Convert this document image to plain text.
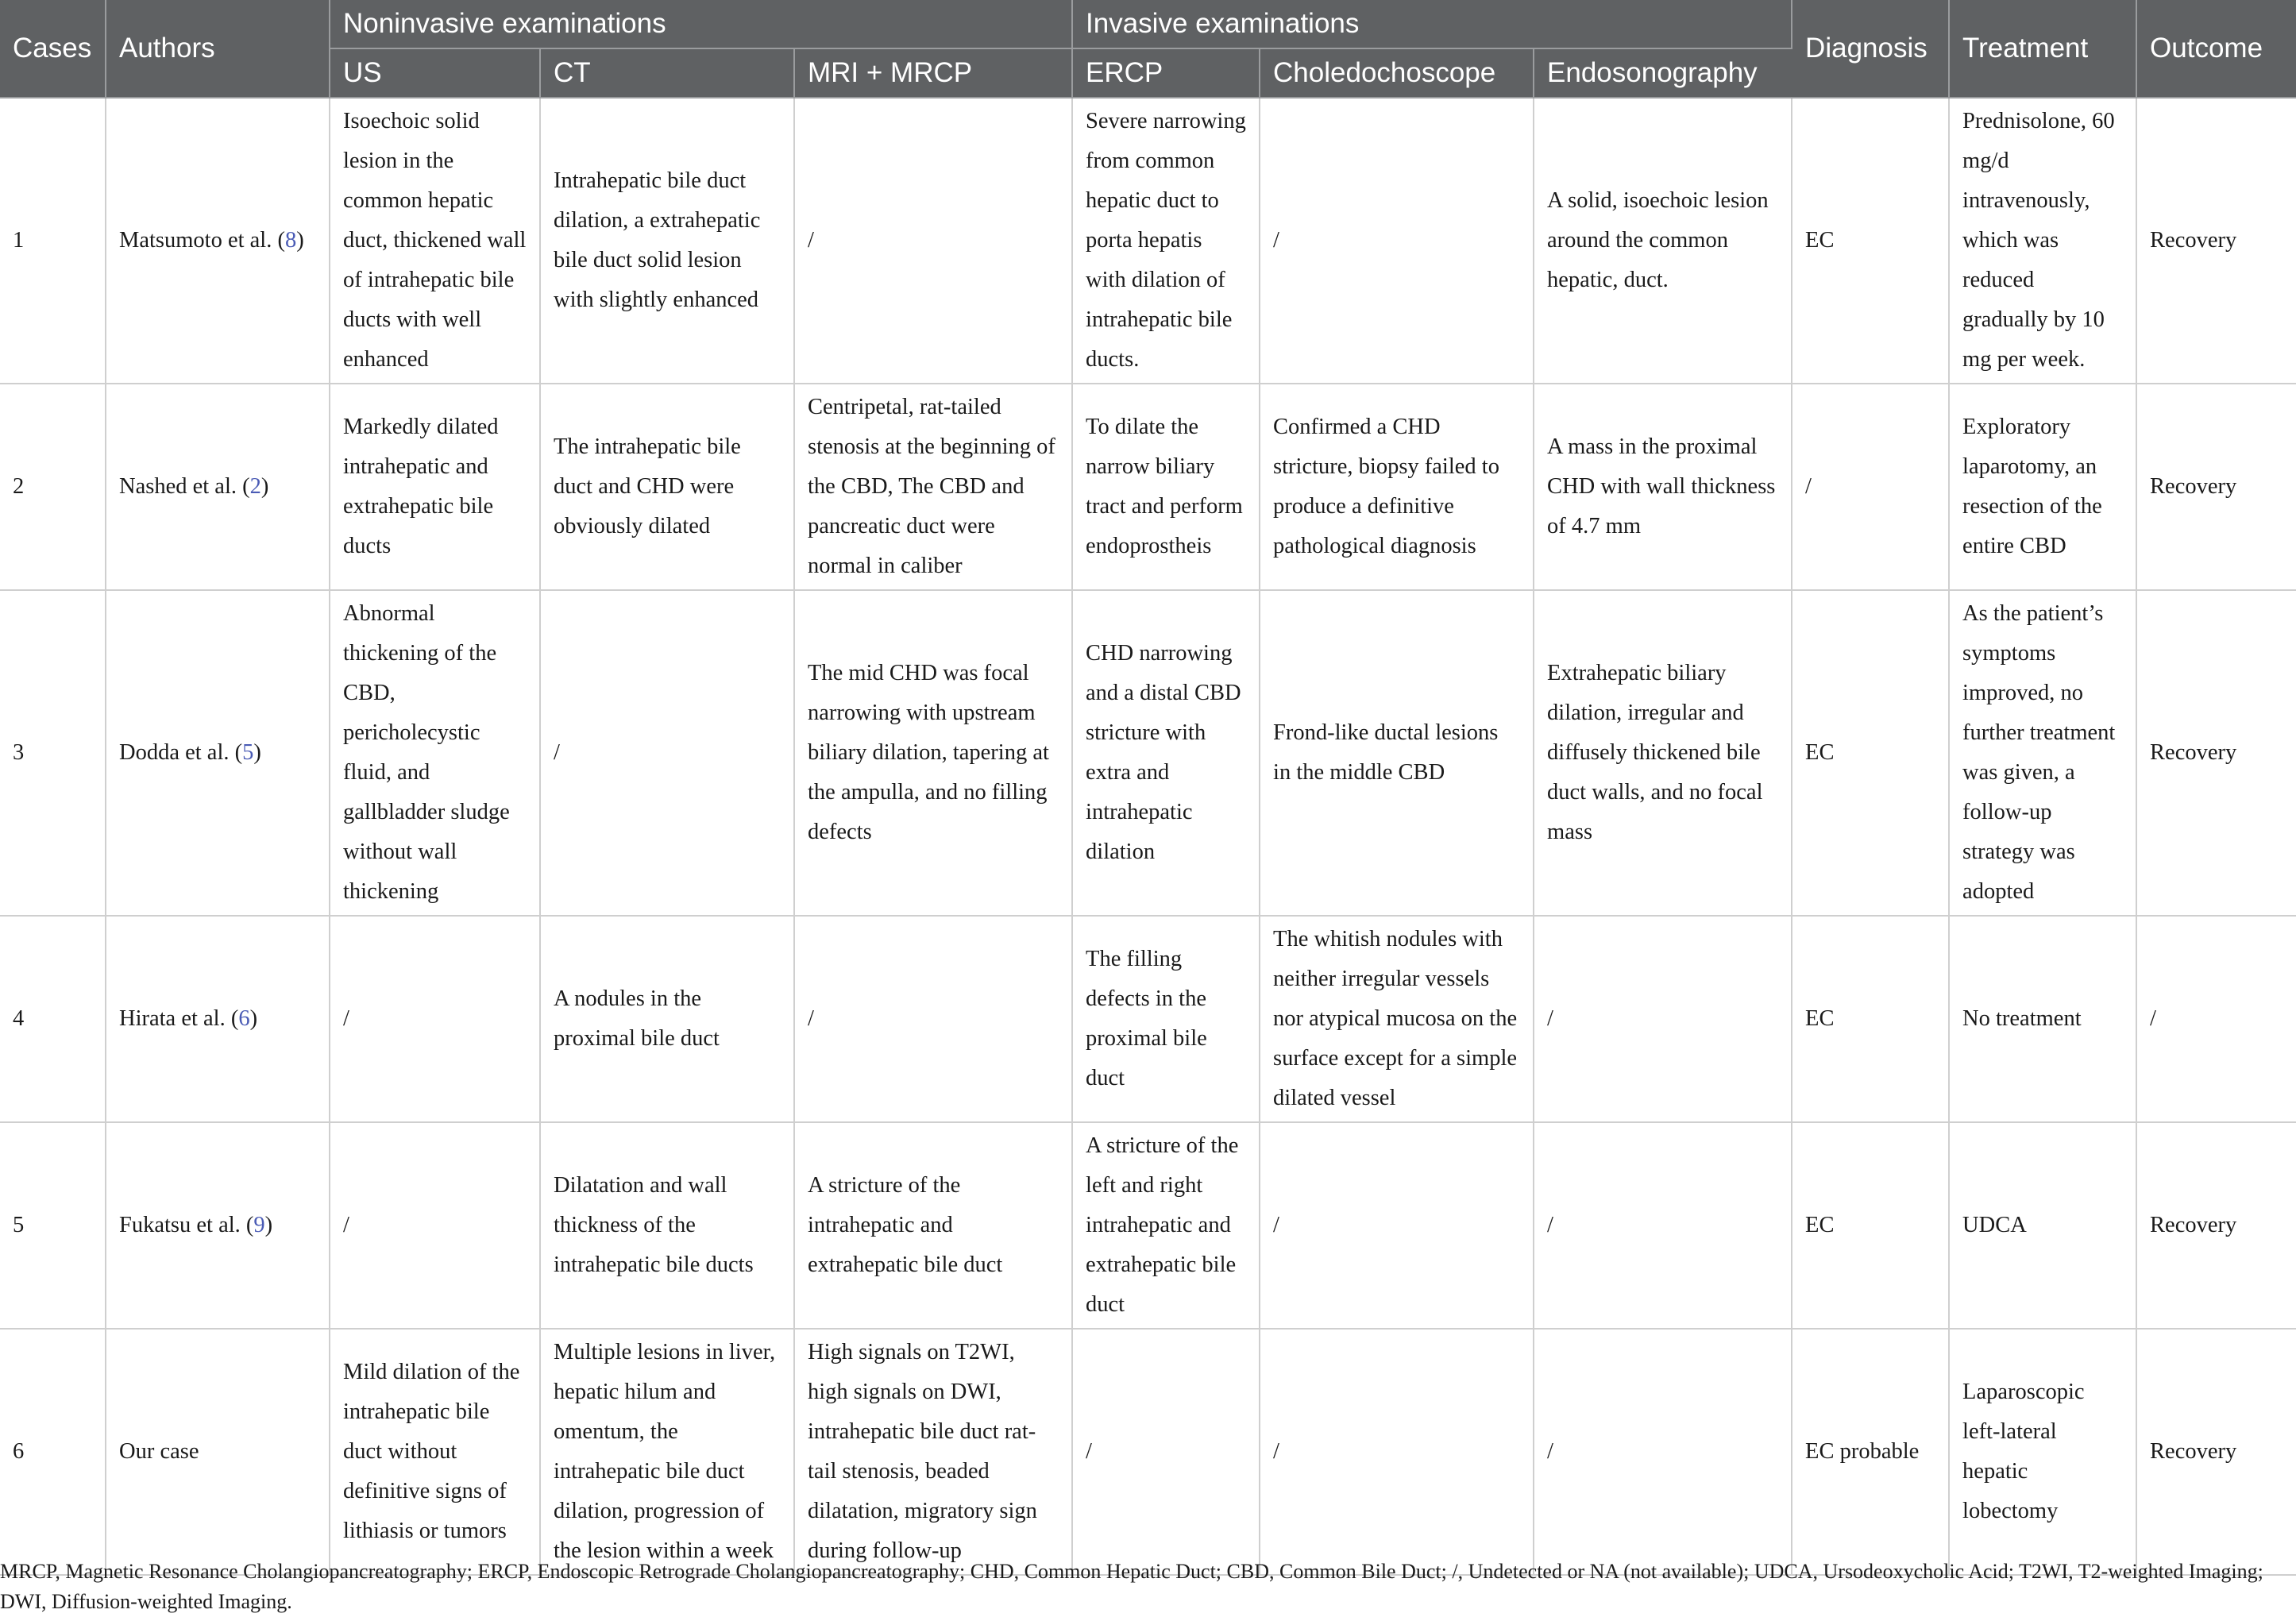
Cases	Authors	Noninvasive examinations			Invasive examinations			Diagnosis	Treatment	Outcome
		US	CT	MRI + MRCP	ERCP	Choledochoscope	Endosonography			
1	Matsumoto et al. (8)	Isoechoic solid lesion in the common hepatic duct, thickened wall of intrahepatic bile ducts with well enhanced	Intrahepatic bile duct dilation, a extrahepatic bile duct solid lesion with slightly enhanced	/	Severe narrowing from common hepatic duct to porta hepatis with dilation of intrahepatic bile ducts.	/	A solid, isoechoic lesion around the common hepatic, duct.	EC	Prednisolone, 60 mg/d intravenously, which was reduced gradually by 10 mg per week.	Recovery
2	Nashed et al. (2)	Markedly dilated intrahepatic and extrahepatic bile ducts	The intrahepatic bile duct and CHD were obviously dilated	Centripetal, rat-tailed stenosis at the beginning of the CBD, The CBD and pancreatic duct were normal in caliber	To dilate the narrow biliary tract and perform endoprostheis	Confirmed a CHD stricture, biopsy failed to produce a definitive pathological diagnosis	A mass in the proximal CHD with wall thickness of 4.7 mm	/	Exploratory laparotomy, an resection of the entire CBD	Recovery
3	Dodda et al. (5)	Abnormal thickening of the CBD, pericholecystic fluid, and gallbladder sludge without wall thickening	/	The mid CHD was focal narrowing with upstream biliary dilation, tapering at the ampulla, and no filling defects	CHD narrowing and a distal CBD stricture with extra and intrahepatic dilation	Frond-like ductal lesions in the middle CBD	Extrahepatic biliary dilation, irregular and diffusely thickened bile duct walls, and no focal mass	EC	As the patient’s symptoms improved, no further treatment was given, a follow-up strategy was adopted	Recovery
4	Hirata et al. (6)	/	A nodules in the proximal bile duct	/	The filling defects in the proximal bile duct	The whitish nodules with neither irregular vessels nor atypical mucosa on the surface except for a simple dilated vessel	/	EC	No treatment	/
5	Fukatsu et al. (9)	/	Dilatation and wall thickness of the intrahepatic bile ducts	A stricture of the intrahepatic and extrahepatic bile duct	A stricture of the left and right intrahepatic and extrahepatic bile duct	/	/	EC	UDCA	Recovery
6	Our case	Mild dilation of the intrahepatic bile duct without definitive signs of lithiasis or tumors	Multiple lesions in liver, hepatic hilum and omentum, the intrahepatic bile duct dilation, progression of the lesion within a week	High signals on T2WI, high signals on DWI, intrahepatic bile duct rat-tail stenosis, beaded dilatation, migratory sign during follow-up	/	/	/	EC probable	Laparoscopic left-lateral hepatic lobectomy	Recovery
MRCP, Magnetic Resonance Cholangiopancreatography; ERCP, Endoscopic Retrograde Cholangiopancreatography; CHD, Common Hepatic Duct; CBD, Common Bile Duct; /, Undetected or NA (not available); UDCA, Ursodeoxycholic Acid; T2WI, T2-weighted Imaging; DWI, Diffusion-weighted Imaging.
